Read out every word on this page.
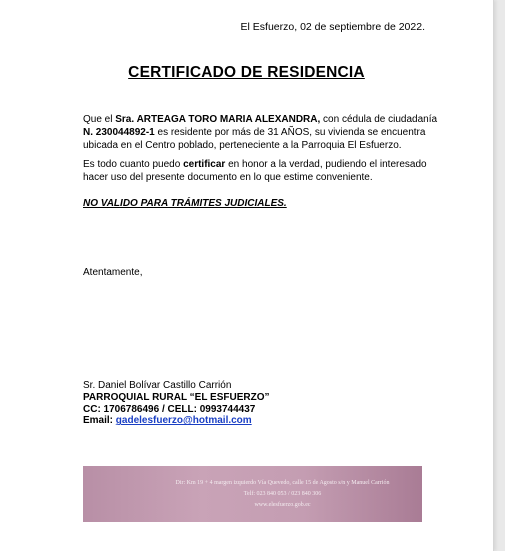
El Esfuerzo, 02 de septiembre de 2022.
CERTIFICADO DE RESIDENCIA
Que el Sra. ARTEAGA TORO MARIA ALEXANDRA, con cédula de ciudadanía N. 230044892-1 es residente por más de 31 AÑOS, su vivienda se encuentra ubicada en el Centro poblado, perteneciente a la Parroquia El Esfuerzo.
Es todo cuanto puedo certificar en honor a la verdad, pudiendo el interesado hacer uso del presente documento en lo que estime conveniente.
NO VALIDO PARA TRÁMITES JUDICIALES.
Atentamente,
Sr. Daniel Bolívar Castillo Carrión
PARROQUIAL RURAL “EL ESFUERZO”
CC: 1706786496 / CELL: 0993744437
Email: gadelesfuerzo@hotmail.com
Dir: Km 19 + 4 margen izquierdo Vía Quevedo, calle 15 de Agosto s/n y Manuel Carrión
Telf: 023 840 053 / 023 840 306
www.elesfuerzo.gob.ec
